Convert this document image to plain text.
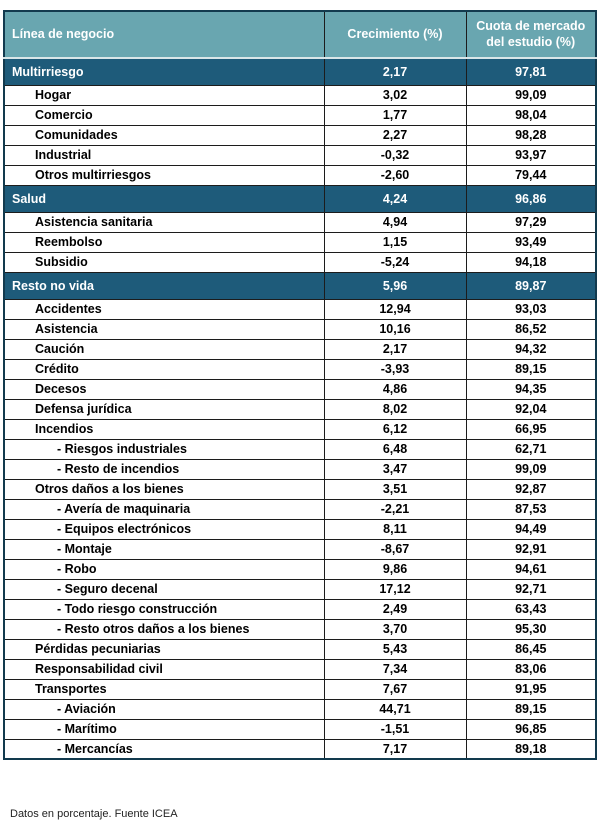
Línea de negocio	Crecimiento (%)	Cuota de mercado del estudio (%)
Multirriesgo	2,17	97,81
Hogar	3,02	99,09
Comercio	1,77	98,04
Comunidades	2,27	98,28
Industrial	-0,32	93,97
Otros multirriesgos	-2,60	79,44
Salud	4,24	96,86
Asistencia sanitaria	4,94	97,29
Reembolso	1,15	93,49
Subsidio	-5,24	94,18
Resto no vida	5,96	89,87
Accidentes	12,94	93,03
Asistencia	10,16	86,52
Caución	2,17	94,32
Crédito	-3,93	89,15
Decesos	4,86	94,35
Defensa jurídica	8,02	92,04
Incendios	6,12	66,95
- Riesgos industriales	6,48	62,71
- Resto de incendios	3,47	99,09
Otros daños a los bienes	3,51	92,87
- Avería de maquinaria	-2,21	87,53
- Equipos electrónicos	8,11	94,49
- Montaje	-8,67	92,91
- Robo	9,86	94,61
- Seguro decenal	17,12	92,71
- Todo riesgo construcción	2,49	63,43
- Resto otros daños a los bienes	3,70	95,30
Pérdidas pecuniarias	5,43	86,45
Responsabilidad civil	7,34	83,06
Transportes	7,67	91,95
- Aviación	44,71	89,15
- Marítimo	-1,51	96,85
- Mercancías	7,17	89,18
Datos en porcentaje. Fuente ICEA
